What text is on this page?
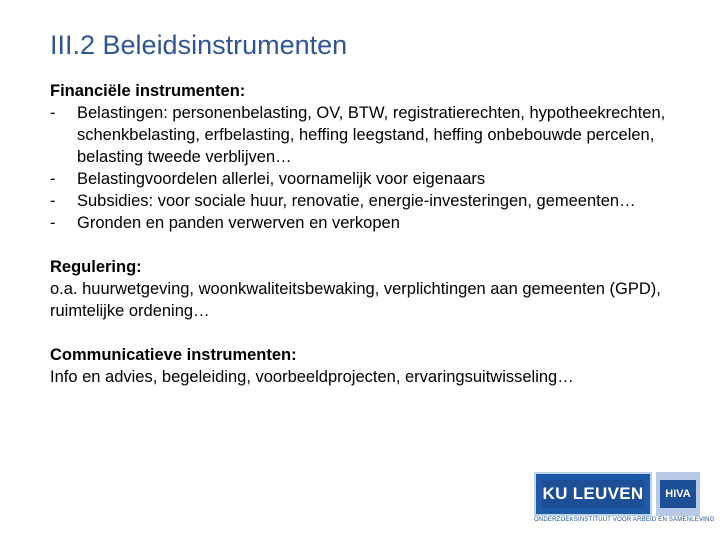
III.2 Beleidsinstrumenten
Financiële instrumenten:
- Belastingen: personenbelasting, OV, BTW, registratierechten, hypotheekrechten, schenkbelasting, erfbelasting, heffing leegstand, heffing onbebouwde percelen, belasting tweede verblijven…
- Belastingvoordelen allerlei, voornamelijk voor eigenaars
- Subsidies: voor sociale huur, renovatie, energie-investeringen, gemeenten…
- Gronden en panden verwerven en verkopen
Regulering:
o.a. huurwetgeving, woonkwaliteitsbewaking, verplichtingen aan gemeenten (GPD), ruimtelijke ordening…
Communicatieve instrumenten:
Info en advies, begeleiding, voorbeeldprojecten, ervaringsuitwisseling…
KU LEUVEN	HIVA
ONDERZOEKSINSTITUUT VOOR ARBEID EN SAMENLEVING
